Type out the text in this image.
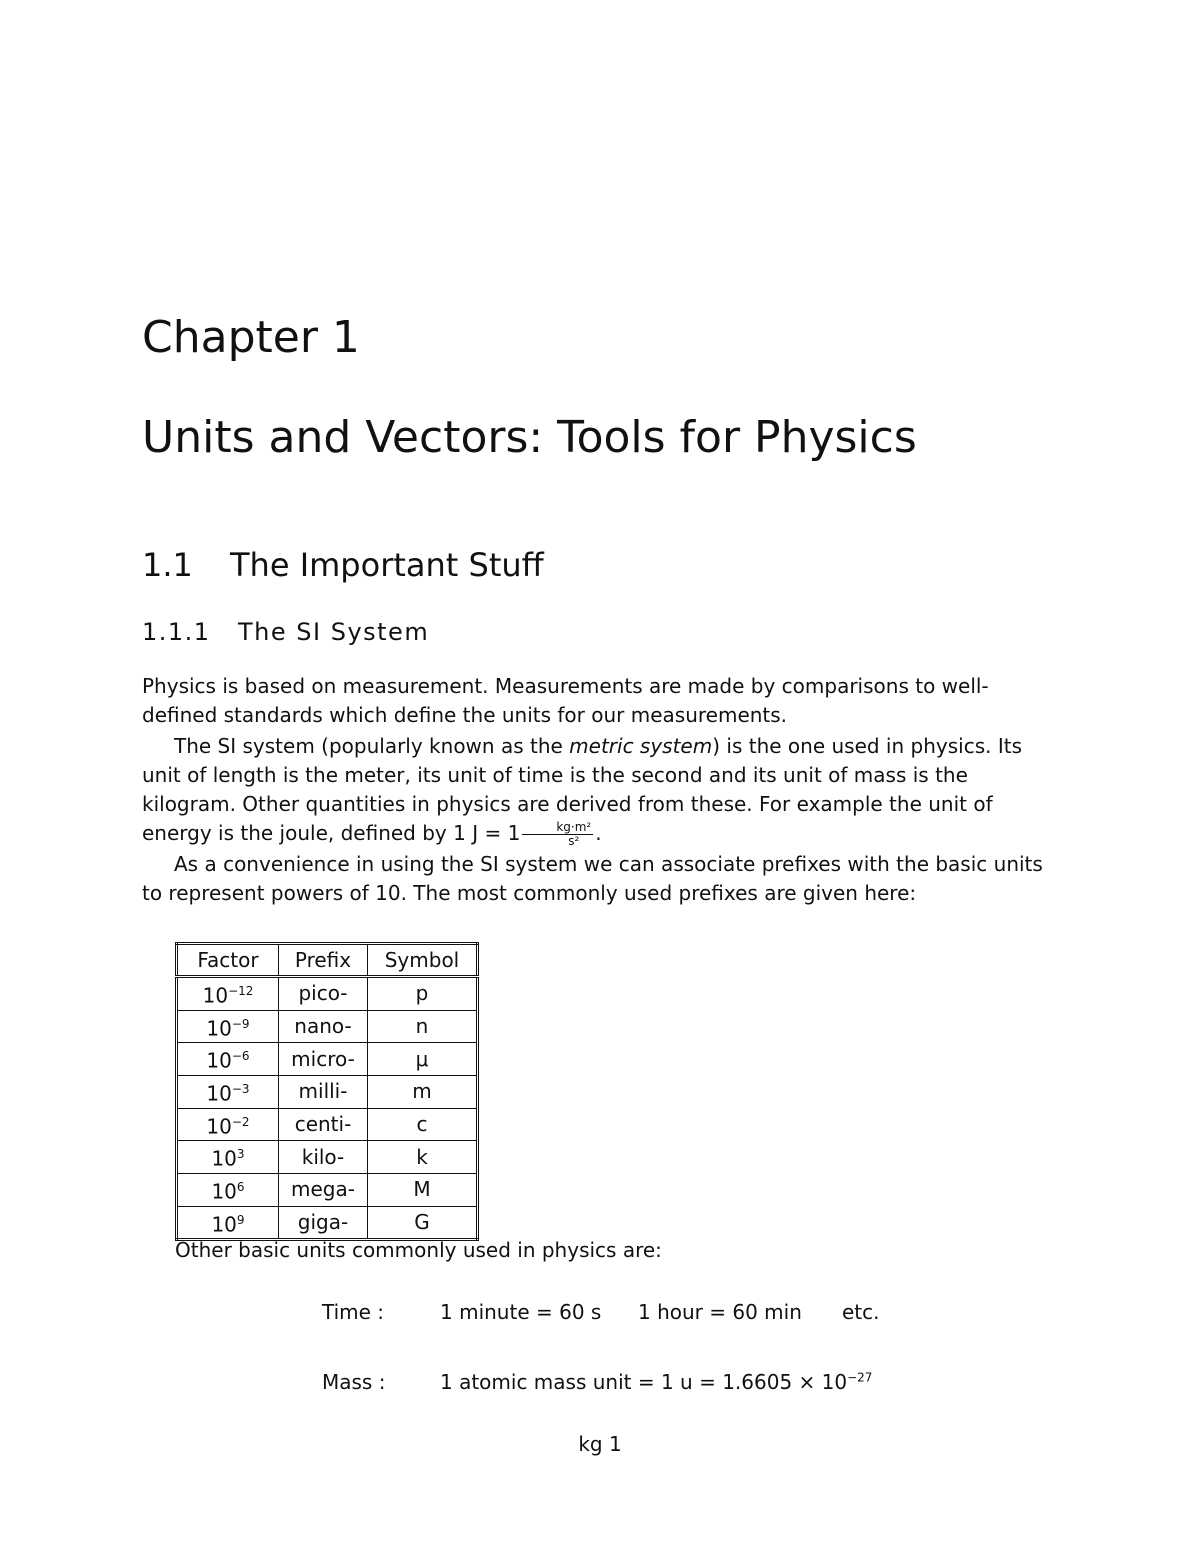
Chapter 1
Units and Vectors: Tools for Physics
1.1 The Important Stuff
1.1.1 The SI System
Physics is based on measurement. Measurements are made by comparisons to well-defined standards which define the units for our measurements.
The SI system (popularly known as the metric system) is the one used in physics. Its unit of length is the meter, its unit of time is the second and its unit of mass is the kilogram. Other quantities in physics are derived from these. For example the unit of energy is the joule, defined by 1 $J = 1 \frac{\text{kg·m²}}{\text{s²}}$ .
As a convenience in using the SI system we can associate prefixes with the basic units to represent powers of 10. The most commonly used prefixes are given here:
Factor	Prefix	Symbol
$10^{-12}$	pico-	p
$10^{-9}$	nano-	n
$10^{-6}$	micro-	μ
$10^{-3}$	milli-	m
$10^{-2}$	centi-	c
$10^3$	kilo-	k
$10^6$	mega-	M
$10^9$	giga-	G
Other basic units commonly used in physics are:
Time :	1 minute = 60 s 1 hour = 60 min etc.
Mass :	1 atomic mass unit = 1 $u = 1.6605 \times 10^{-27}$
kg 1
